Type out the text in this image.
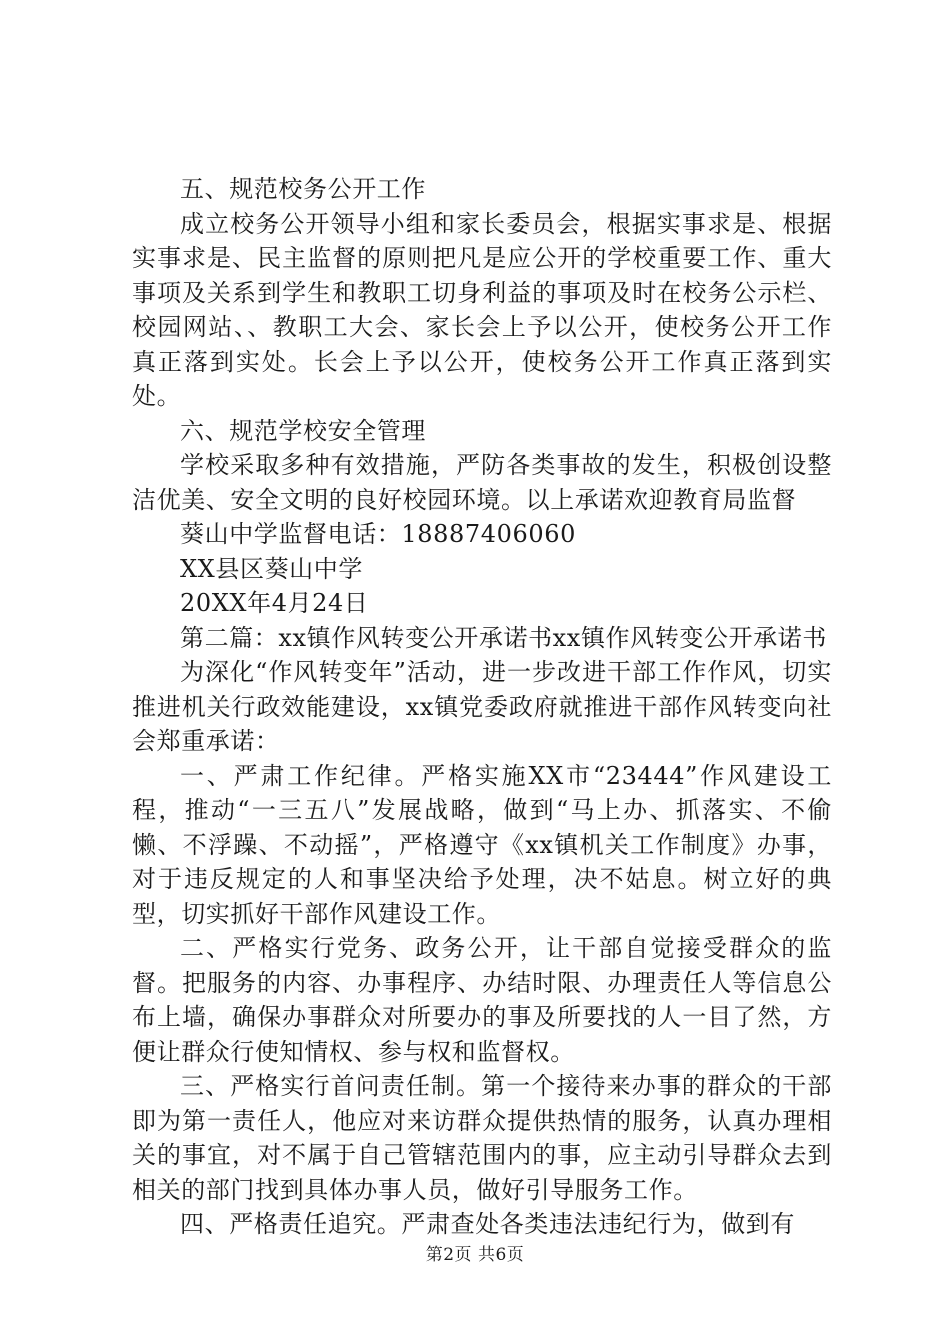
五、规范校务公开工作

成立校务公开领导小组和家长委员会，根据实事求是、根据实事求是、民主监督的原则把凡是应公开的学校重要工作、重大事项及关系到学生和教职工切身利益的事项及时在校务公示栏、校园网站、、教职工大会、家长会上予以公开，使校务公开工作真正落到实处。长会上予以公开，使校务公开工作真正落到实处。

六、规范学校安全管理

学校采取多种有效措施，严防各类事故的发生，积极创设整洁优美、安全文明的良好校园环境。以上承诺欢迎教育局监督

葵山中学监督电话：18887406060

XX县区葵山中学

20XX年4月24日

第二篇：xx镇作风转变公开承诺书xx镇作风转变公开承诺书

为深化“作风转变年”活动，进一步改进干部工作作风，切实推进机关行政效能建设，xx镇党委政府就推进干部作风转变向社会郑重承诺：

一、严肃工作纪律。严格实施XX市“23444”作风建设工程，推动“一三五八”发展战略，做到“马上办、抓落实、不偷懒、不浮躁、不动摇”，严格遵守《xx镇机关工作制度》办事，对于违反规定的人和事坚决给予处理，决不姑息。树立好的典型，切实抓好干部作风建设工作。

二、严格实行党务、政务公开，让干部自觉接受群众的监督。把服务的内容、办事程序、办结时限、办理责任人等信息公布上墙，确保办事群众对所要办的事及所要找的人一目了然，方便让群众行使知情权、参与权和监督权。

三、严格实行首问责任制。第一个接待来办事的群众的干部即为第一责任人，他应对来访群众提供热情的服务，认真办理相关的事宜，对不属于自己管辖范围内的事，应主动引导群众去到相关的部门找到具体办事人员，做好引导服务工作。

四、严格责任追究。严肃查处各类违法违纪行为，做到有

第2页 共6页
